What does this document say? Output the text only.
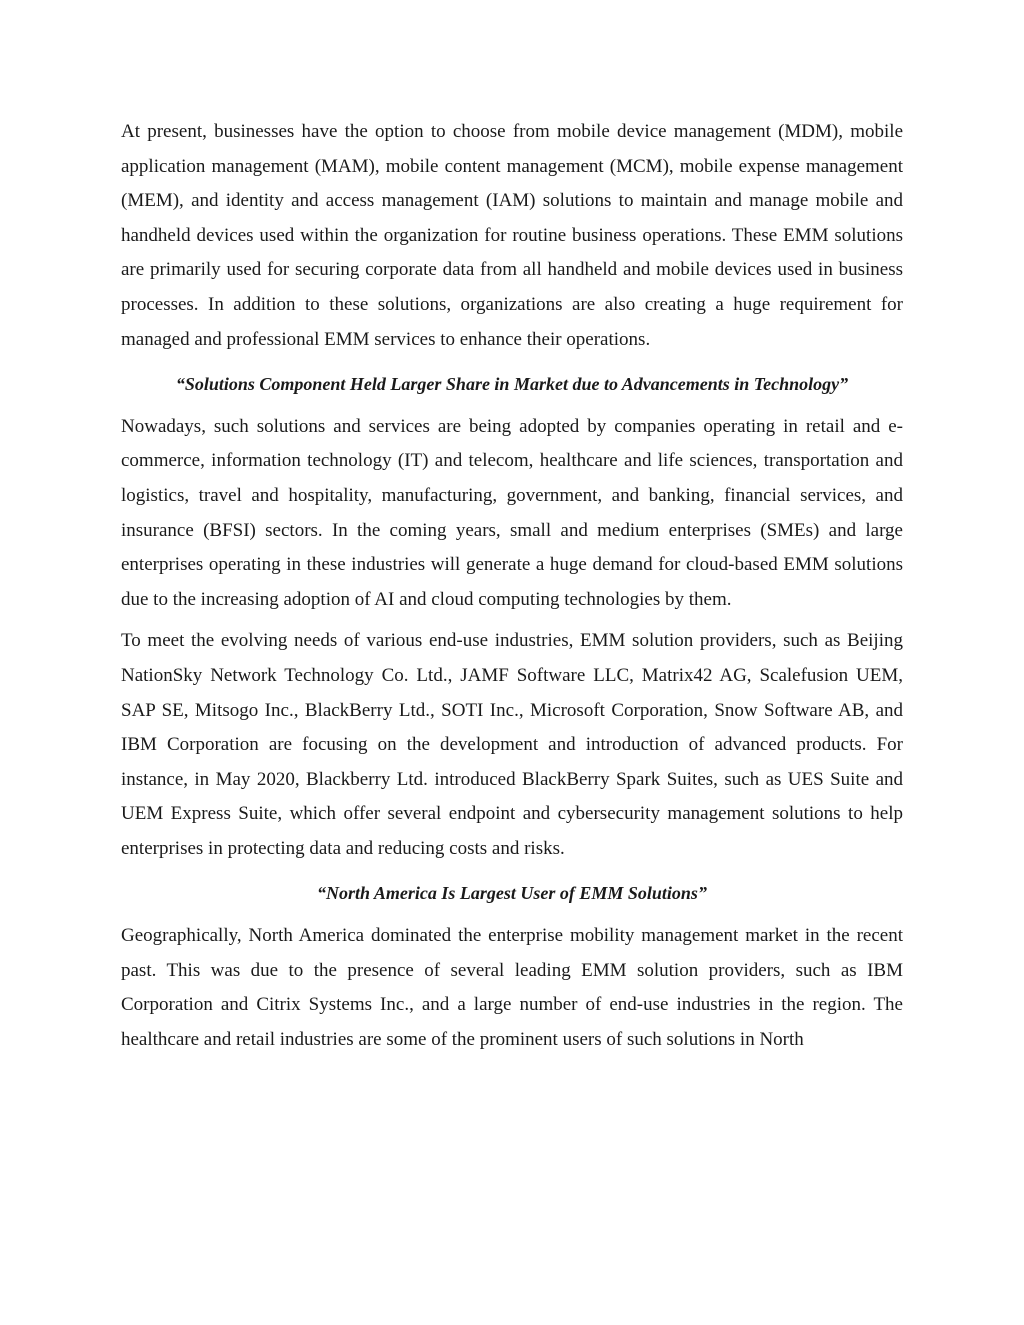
At present, businesses have the option to choose from mobile device management (MDM), mobile application management (MAM), mobile content management (MCM), mobile expense management (MEM), and identity and access management (IAM) solutions to maintain and manage mobile and handheld devices used within the organization for routine business operations. These EMM solutions are primarily used for securing corporate data from all handheld and mobile devices used in business processes. In addition to these solutions, organizations are also creating a huge requirement for managed and professional EMM services to enhance their operations.

“Solutions Component Held Larger Share in Market due to Advancements in Technology”

Nowadays, such solutions and services are being adopted by companies operating in retail and e-commerce, information technology (IT) and telecom, healthcare and life sciences, transportation and logistics, travel and hospitality, manufacturing, government, and banking, financial services, and insurance (BFSI) sectors. In the coming years, small and medium enterprises (SMEs) and large enterprises operating in these industries will generate a huge demand for cloud-based EMM solutions due to the increasing adoption of AI and cloud computing technologies by them.

To meet the evolving needs of various end-use industries, EMM solution providers, such as Beijing NationSky Network Technology Co. Ltd., JAMF Software LLC, Matrix42 AG, Scalefusion UEM, SAP SE, Mitsogo Inc., BlackBerry Ltd., SOTI Inc., Microsoft Corporation, Snow Software AB, and IBM Corporation are focusing on the development and introduction of advanced products. For instance, in May 2020, Blackberry Ltd. introduced BlackBerry Spark Suites, such as UES Suite and UEM Express Suite, which offer several endpoint and cybersecurity management solutions to help enterprises in protecting data and reducing costs and risks.

“North America Is Largest User of EMM Solutions”

Geographically, North America dominated the enterprise mobility management market in the recent past. This was due to the presence of several leading EMM solution providers, such as IBM Corporation and Citrix Systems Inc., and a large number of end-use industries in the region. The healthcare and retail industries are some of the prominent users of such solutions in North
